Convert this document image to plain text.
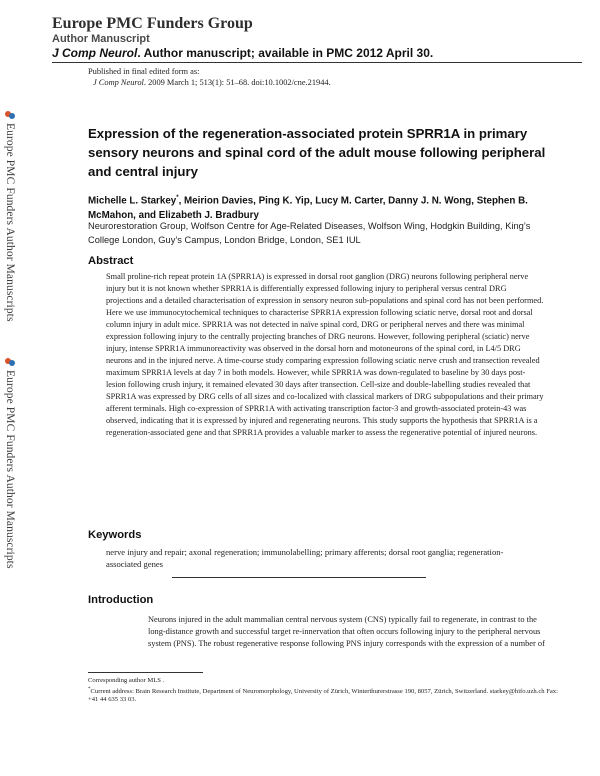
Europe PMC Funders Group
Author Manuscript
J Comp Neurol. Author manuscript; available in PMC 2012 April 30.
Published in final edited form as:
J Comp Neurol. 2009 March 1; 513(1): 51–68. doi:10.1002/cne.21944.
Europe PMC Funders Author Manuscripts
Europe PMC Funders Author Manuscripts
Expression of the regeneration-associated protein SPRR1A in primary sensory neurons and spinal cord of the adult mouse following peripheral and central injury
Michelle L. Starkey*, Meirion Davies, Ping K. Yip, Lucy M. Carter, Danny J. N. Wong, Stephen B. McMahon, and Elizabeth J. Bradbury
Neurorestoration Group, Wolfson Centre for Age-Related Diseases, Wolfson Wing, Hodgkin Building, King’s College London, Guy’s Campus, London Bridge, London, SE1 IUL
Abstract
Small proline-rich repeat protein 1A (SPRR1A) is expressed in dorsal root ganglion (DRG) neurons following peripheral nerve injury but it is not known whether SPRR1A is differentially expressed following injury to peripheral versus central DRG projections and a detailed characterisation of expression in sensory neuron sub-populations and spinal cord has not been performed. Here we use immunocytochemical techniques to characterise SPRR1A expression following sciatic nerve, dorsal root and dorsal column injury in adult mice. SPRR1A was not detected in naïve spinal cord, DRG or peripheral nerves and there was minimal expression following injury to the centrally projecting branches of DRG neurons. However, following peripheral (sciatic) nerve injury, intense SPRR1A immunoreactivity was observed in the dorsal horn and motoneurons of the spinal cord, in L4/5 DRG neurons and in the injured nerve. A time-course study comparing expression following sciatic nerve crush and transection revealed maximum SPRR1A levels at day 7 in both models. However, while SPRR1A was down-regulated to baseline by 30 days post-lesion following crush injury, it remained elevated 30 days after transection. Cell-size and double-labelling studies revealed that SPRR1A was expressed by DRG cells of all sizes and co-localized with classical markers of DRG subpopulations and their primary afferent terminals. High co-expression of SPRR1A with activating transcription factor-3 and growth-associated protein-43 was observed, indicating that it is expressed by injured and regenerating neurons. This study supports the hypothesis that SPRR1A is a regeneration-associated gene and that SPRR1A provides a valuable marker to assess the regenerative potential of injured neurons.
Keywords
nerve injury and repair; axonal regeneration; immunolabelling; primary afferents; dorsal root ganglia; regeneration-associated genes
Introduction
Neurons injured in the adult mammalian central nervous system (CNS) typically fail to regenerate, in contrast to the long-distance growth and successful target re-innervation that often occurs following injury to the peripheral nervous system (PNS). The robust regenerative response following PNS injury corresponds with the expression of a number of
Corresponding author MLS .
*Current address: Brain Research Institute, Department of Neuromorphology, University of Zürich, Winterthurerstrasse 190, 8057, Zürich, Switzerland. starkey@hifo.uzh.ch Fax: +41 44 635 33 03.
